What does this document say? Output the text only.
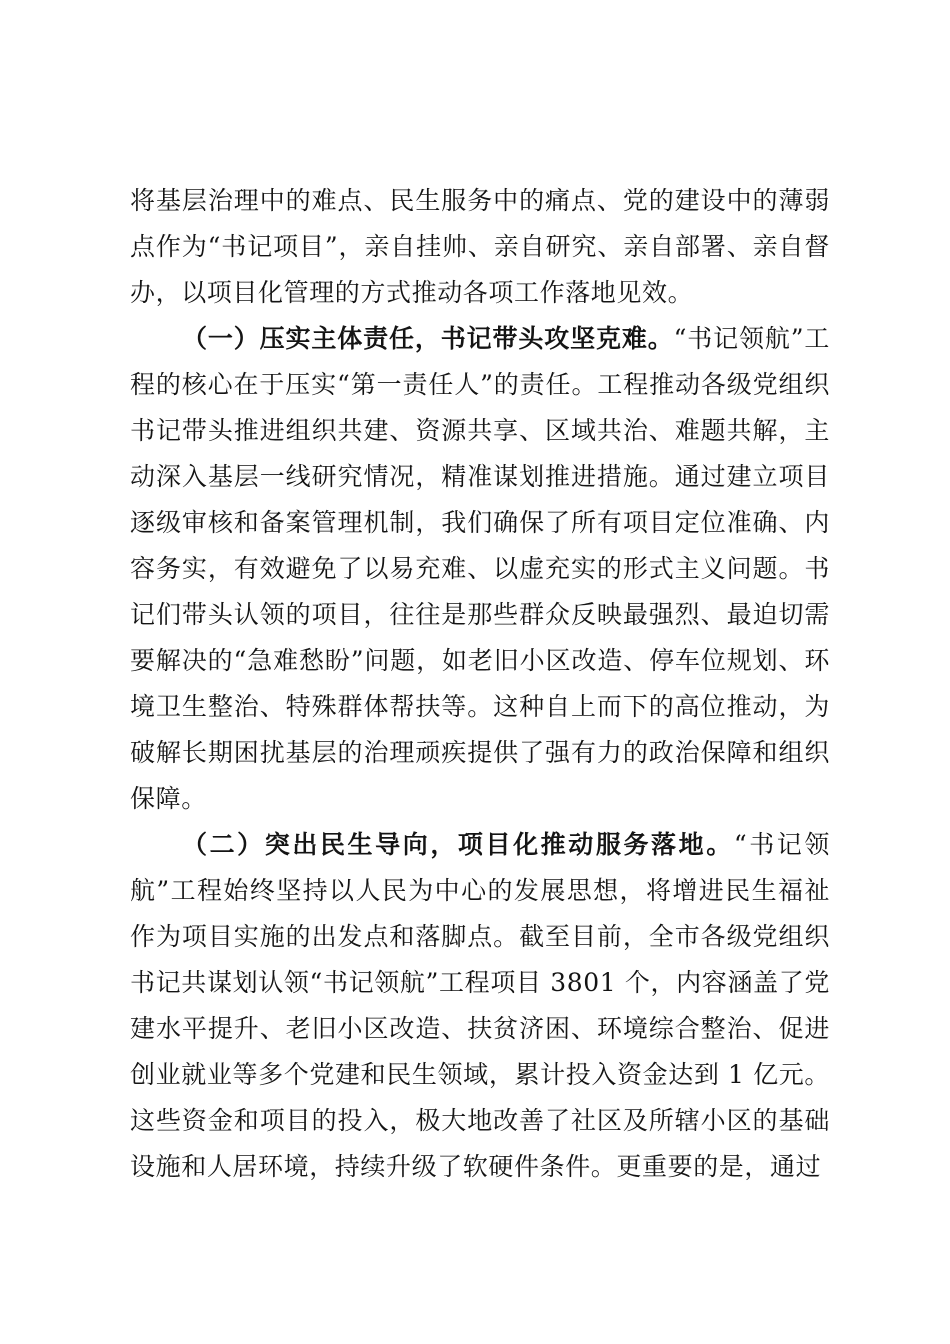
将基层治理中的难点、民生服务中的痛点、党的建设中的薄弱点作为“书记项目”，亲自挂帅、亲自研究、亲自部署、亲自督办，以项目化管理的方式推动各项工作落地见效。

（一）压实主体责任，书记带头攻坚克难。“书记领航”工程的核心在于压实“第一责任人”的责任。工程推动各级党组织书记带头推进组织共建、资源共享、区域共治、难题共解，主动深入基层一线研究情况，精准谋划推进措施。通过建立项目逐级审核和备案管理机制，我们确保了所有项目定位准确、内容务实，有效避免了以易充难、以虚充实的形式主义问题。书记们带头认领的项目，往往是那些群众反映最强烈、最迫切需要解决的“急难愁盼”问题，如老旧小区改造、停车位规划、环境卫生整治、特殊群体帮扶等。这种自上而下的高位推动，为破解长期困扰基层的治理顽疾提供了强有力的政治保障和组织保障。

（二）突出民生导向，项目化推动服务落地。“书记领航”工程始终坚持以人民为中心的发展思想，将增进民生福祉作为项目实施的出发点和落脚点。截至目前，全市各级党组织书记共谋划认领“书记领航”工程项目 3801 个，内容涵盖了党建水平提升、老旧小区改造、扶贫济困、环境综合整治、促进创业就业等多个党建和民生领域，累计投入资金达到 1 亿元。这些资金和项目的投入，极大地改善了社区及所辖小区的基础设施和人居环境，持续升级了软硬件条件。更重要的是，通过
